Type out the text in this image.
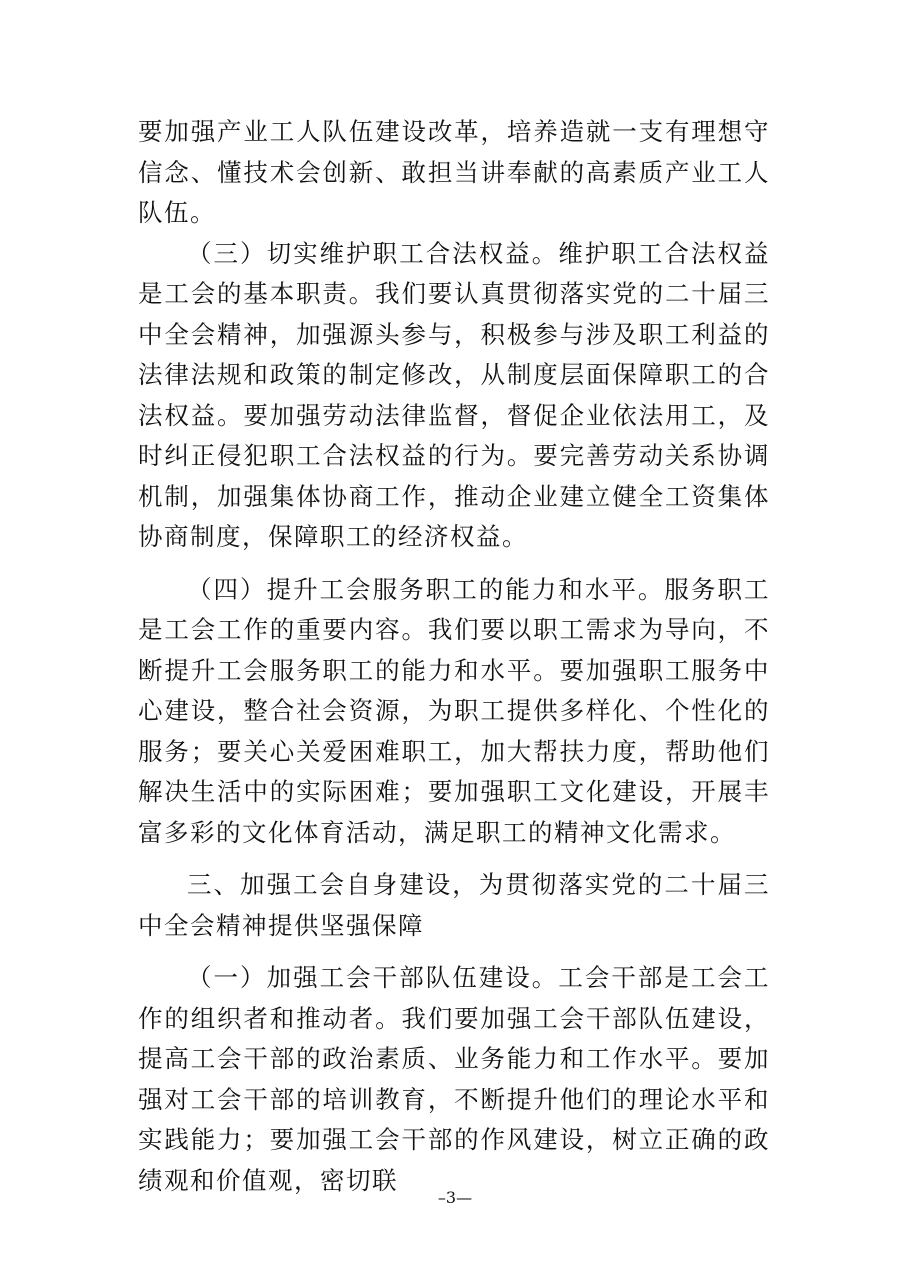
要加强产业工人队伍建设改革，培养造就一支有理想守信念、懂技术会创新、敢担当讲奉献的高素质产业工人队伍。

（三）切实维护职工合法权益。维护职工合法权益是工会的基本职责。我们要认真贯彻落实党的二十届三中全会精神，加强源头参与，积极参与涉及职工利益的法律法规和政策的制定修改，从制度层面保障职工的合法权益。要加强劳动法律监督，督促企业依法用工，及时纠正侵犯职工合法权益的行为。要完善劳动关系协调机制，加强集体协商工作，推动企业建立健全工资集体协商制度，保障职工的经济权益。

（四）提升工会服务职工的能力和水平。服务职工是工会工作的重要内容。我们要以职工需求为导向，不断提升工会服务职工的能力和水平。要加强职工服务中心建设，整合社会资源，为职工提供多样化、个性化的服务；要关心关爱困难职工，加大帮扶力度，帮助他们解决生活中的实际困难；要加强职工文化建设，开展丰富多彩的文化体育活动，满足职工的精神文化需求。

三、加强工会自身建设，为贯彻落实党的二十届三中全会精神提供坚强保障

（一）加强工会干部队伍建设。工会干部是工会工作的组织者和推动者。我们要加强工会干部队伍建设，提高工会干部的政治素质、业务能力和工作水平。要加强对工会干部的培训教育，不断提升他们的理论水平和实践能力；要加强工会干部的作风建设，树立正确的政绩观和价值观，密切联

–3—
